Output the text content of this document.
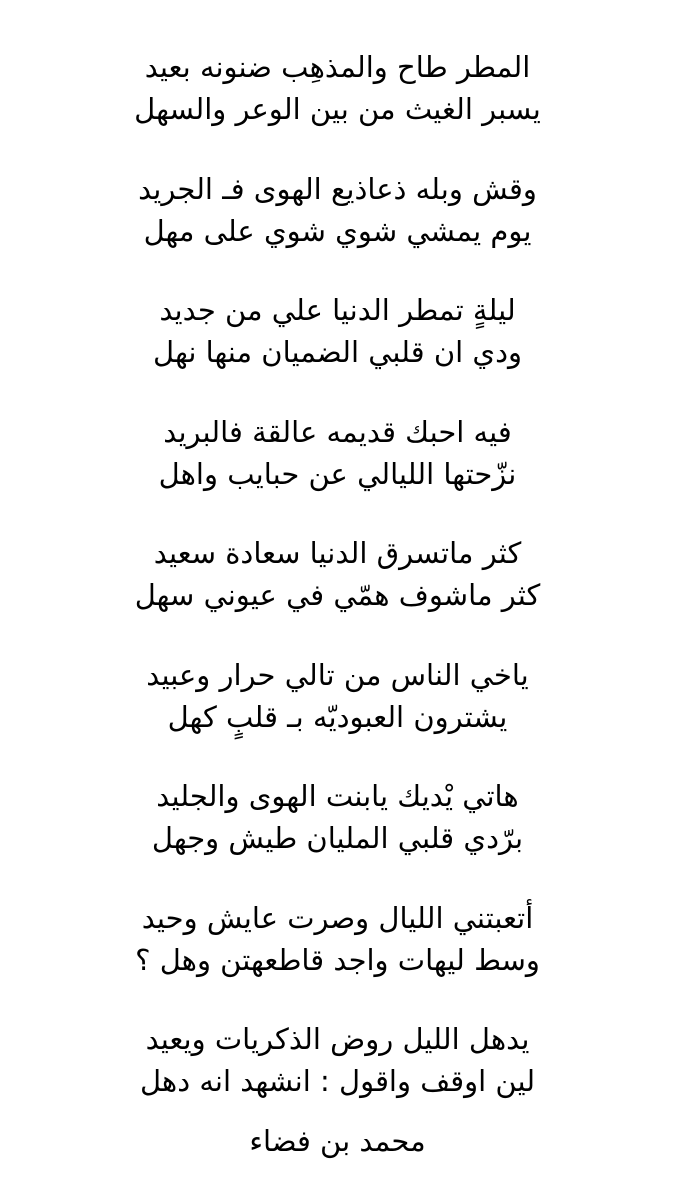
المطر طاح والمذهِب ضنونه بعيد
يسبر الغيث من بين الوعر والسهل
وقش وبله ذعاذيع الهوى فـ الجريد
يوم يمشي شوي شوي على مهل
ليلةٍ تمطر الدنيا علي من جديد
ودي ان قلبي الضميان منها نهل
فيه احبك قديمه عالقة فالبريد
نزّحتها الليالي عن حبايب واهل
كثر ماتسرق الدنيا سعادة سعيد
كثر ماشوف همّي في عيوني سهل
ياخي الناس من تالي حرار وعبيد
يشترون العبوديّه بـ قلبٍ كهل
هاتي يْديك يابنت الهوى والجليد
برّدي قلبي المليان طيش وجهل
أتعبتني الليال وصرت عايش وحيد
وسط ليهات واجد قاطعهتن وهل ؟
يدهل الليل روض الذكريات ويعيد
لين اوقف واقول : انشهد انه دهل
محمد بن فضاء
